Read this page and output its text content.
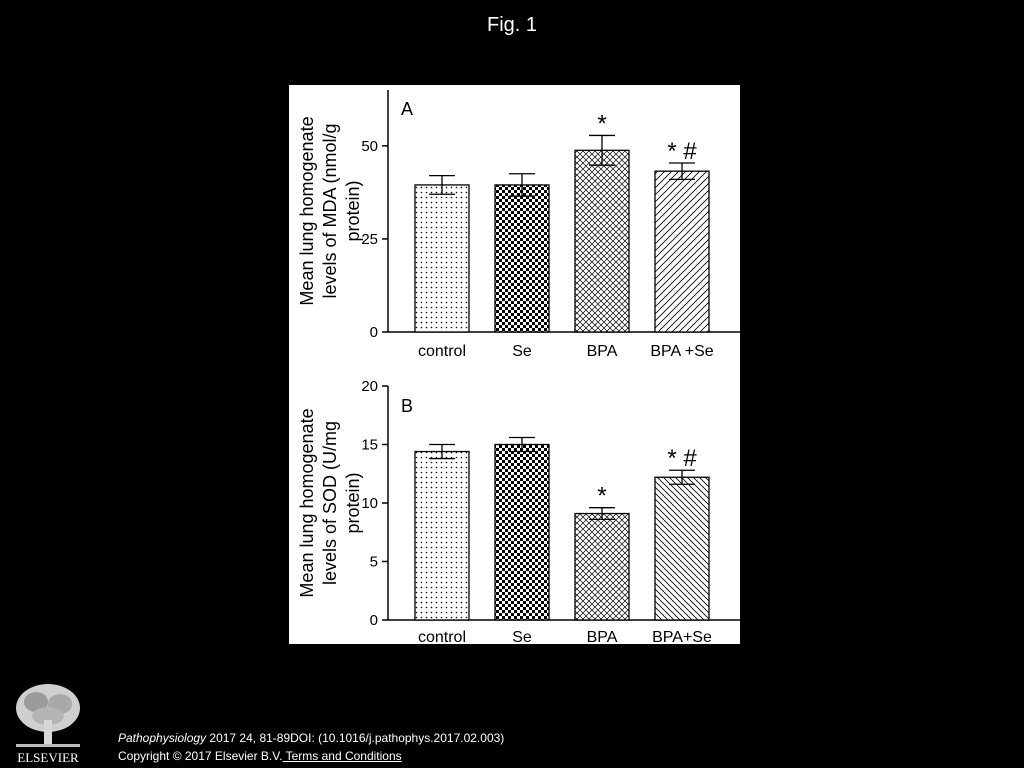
Fig. 1
0
25
50
A
Mean lung homogenate levels of MDA (nmol/g protein)
control	Se
*
BPA
* #
BPA +Se
0
5
10
15
20
B
Mean lung homogenate levels of SOD (U/mg protein)
control	Se
*
BPA
* #
BPA+Se
ELSEVIER
Pathophysiology 2017 24, 81-89DOI: (10.1016/j.pathophys.2017.02.003)
Copyright © 2017 Elsevier B.V. Terms and Conditions
